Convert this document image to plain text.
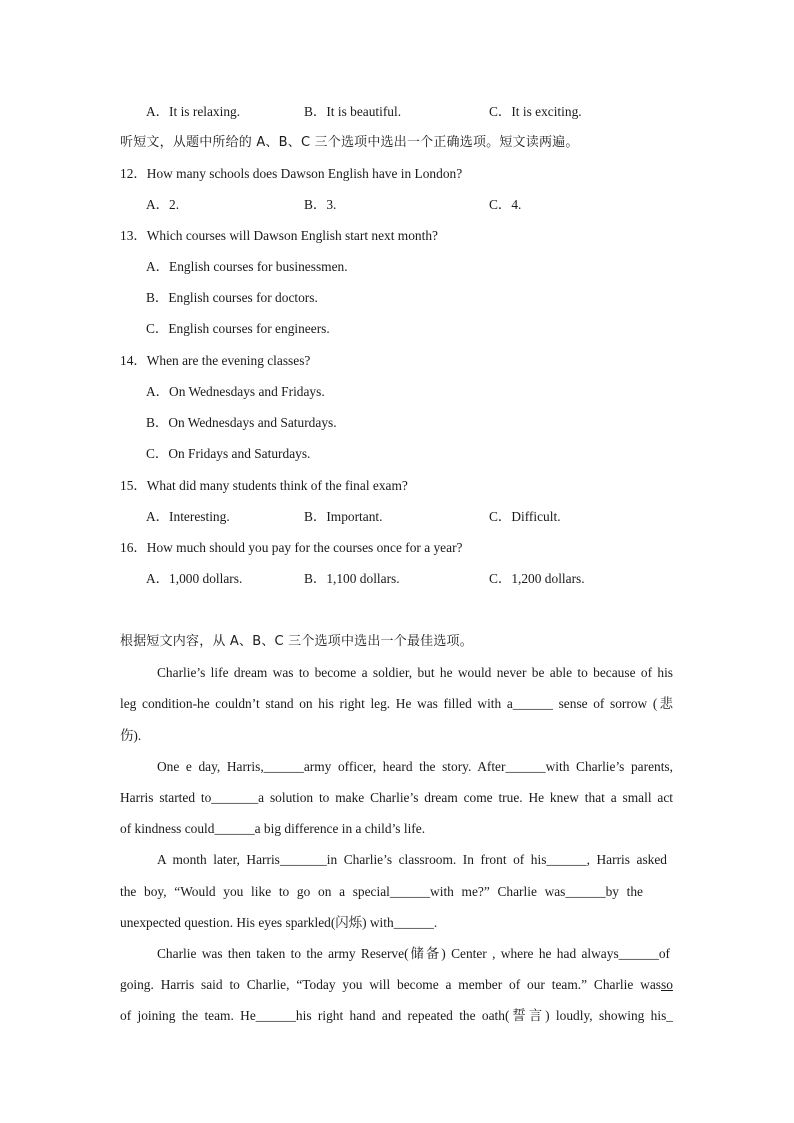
A．It is relaxing.	B．It is beautiful.	C．It is exciting.
听短文，从题中所给的 A、B、C 三个选项中选出一个正确选项。短文读两遍。
12．How many schools does Dawson English have in London?
A．2.	B．3.	C．4.
13．Which courses will Dawson English start next month?
A．English courses for businessmen.
B．English courses for doctors.
C．English courses for engineers.
14．When are the evening classes?
A．On Wednesdays and Fridays.
B．On Wednesdays and Saturdays.
C．On Fridays and Saturdays.
15．What did many students think of the final exam?
A．Interesting.	B．Important.	C．Difficult.
16．How much should you pay for the courses once for a year?
A．1,000 dollars.	B．1,100 dollars.	C．1,200 dollars.
根据短文内容，从 A、B、C 三个选项中选出一个最佳选项。
Charlie’s life dream was to become a soldier, but he would never be able to because of his
leg condition-he couldn’t stand on his right leg. He was filled with a______ sense of sorrow (悲
伤).
One e day, Harris,______army officer, heard the story. After______with Charlie’s parents,
Harris started to_______a solution to make Charlie’s dream come true. He knew that a small act
of kindness could______a big difference in a child’s life.
A month later, Harris_______in Charlie’s classroom. In front of his______, Harris asked
the boy, “Would you like to go on a special______with me?” Charlie was______by the
unexpected question. His eyes sparkled(闪烁) with______.
Charlie was then taken to the army Reserve(储备) Center , where he had always______of
going. Harris said to Charlie, “Today you will become a member of our team.” Charlie wasso
of joining the team. He______his right hand and repeated the oath(誓言) loudly, showing his_
